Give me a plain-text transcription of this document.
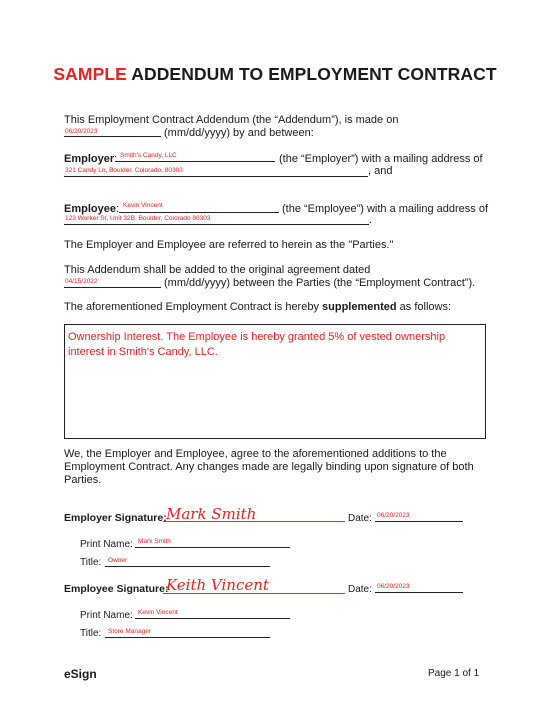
SAMPLE ADDENDUM TO EMPLOYMENT CONTRACT
This Employment Contract Addendum (the “Addendum”), is made on
06/20/2023	(mm/dd/yyyy) by and between:
Employer: Smith's Candy, LLC	(the “Employer”) with a mailing address of
321 Candy Ln, Boulder, Colorado, 80303	, and
Employee: Kevin Vincent	(the “Employee”) with a mailing address of
123 Worker St, Unit 32B, Boulder, Colorado 80303	.
The Employer and Employee are referred to herein as the "Parties."
This Addendum shall be added to the original agreement dated
04/15/2022	(mm/dd/yyyy) between the Parties (the “Employment Contract”).
The aforementioned Employment Contract is hereby supplemented as follows:
Ownership Interest. The Employee is hereby granted 5% of vested ownership interest in Smith's Candy, LLC.
We, the Employer and Employee, agree to the aforementioned additions to the
Employment Contract. Any changes made are legally binding upon signature of both
Parties.
Employer Signature: Mark Smith	Date: 06/20/2023
Print Name: Mark Smith
Title: Owner
Employee Signature:
Keith Vincent	Date: 06/20/2023
Print Name: Kevin Vincent
Title: Store Manager
eSign	Page 1 of 1
